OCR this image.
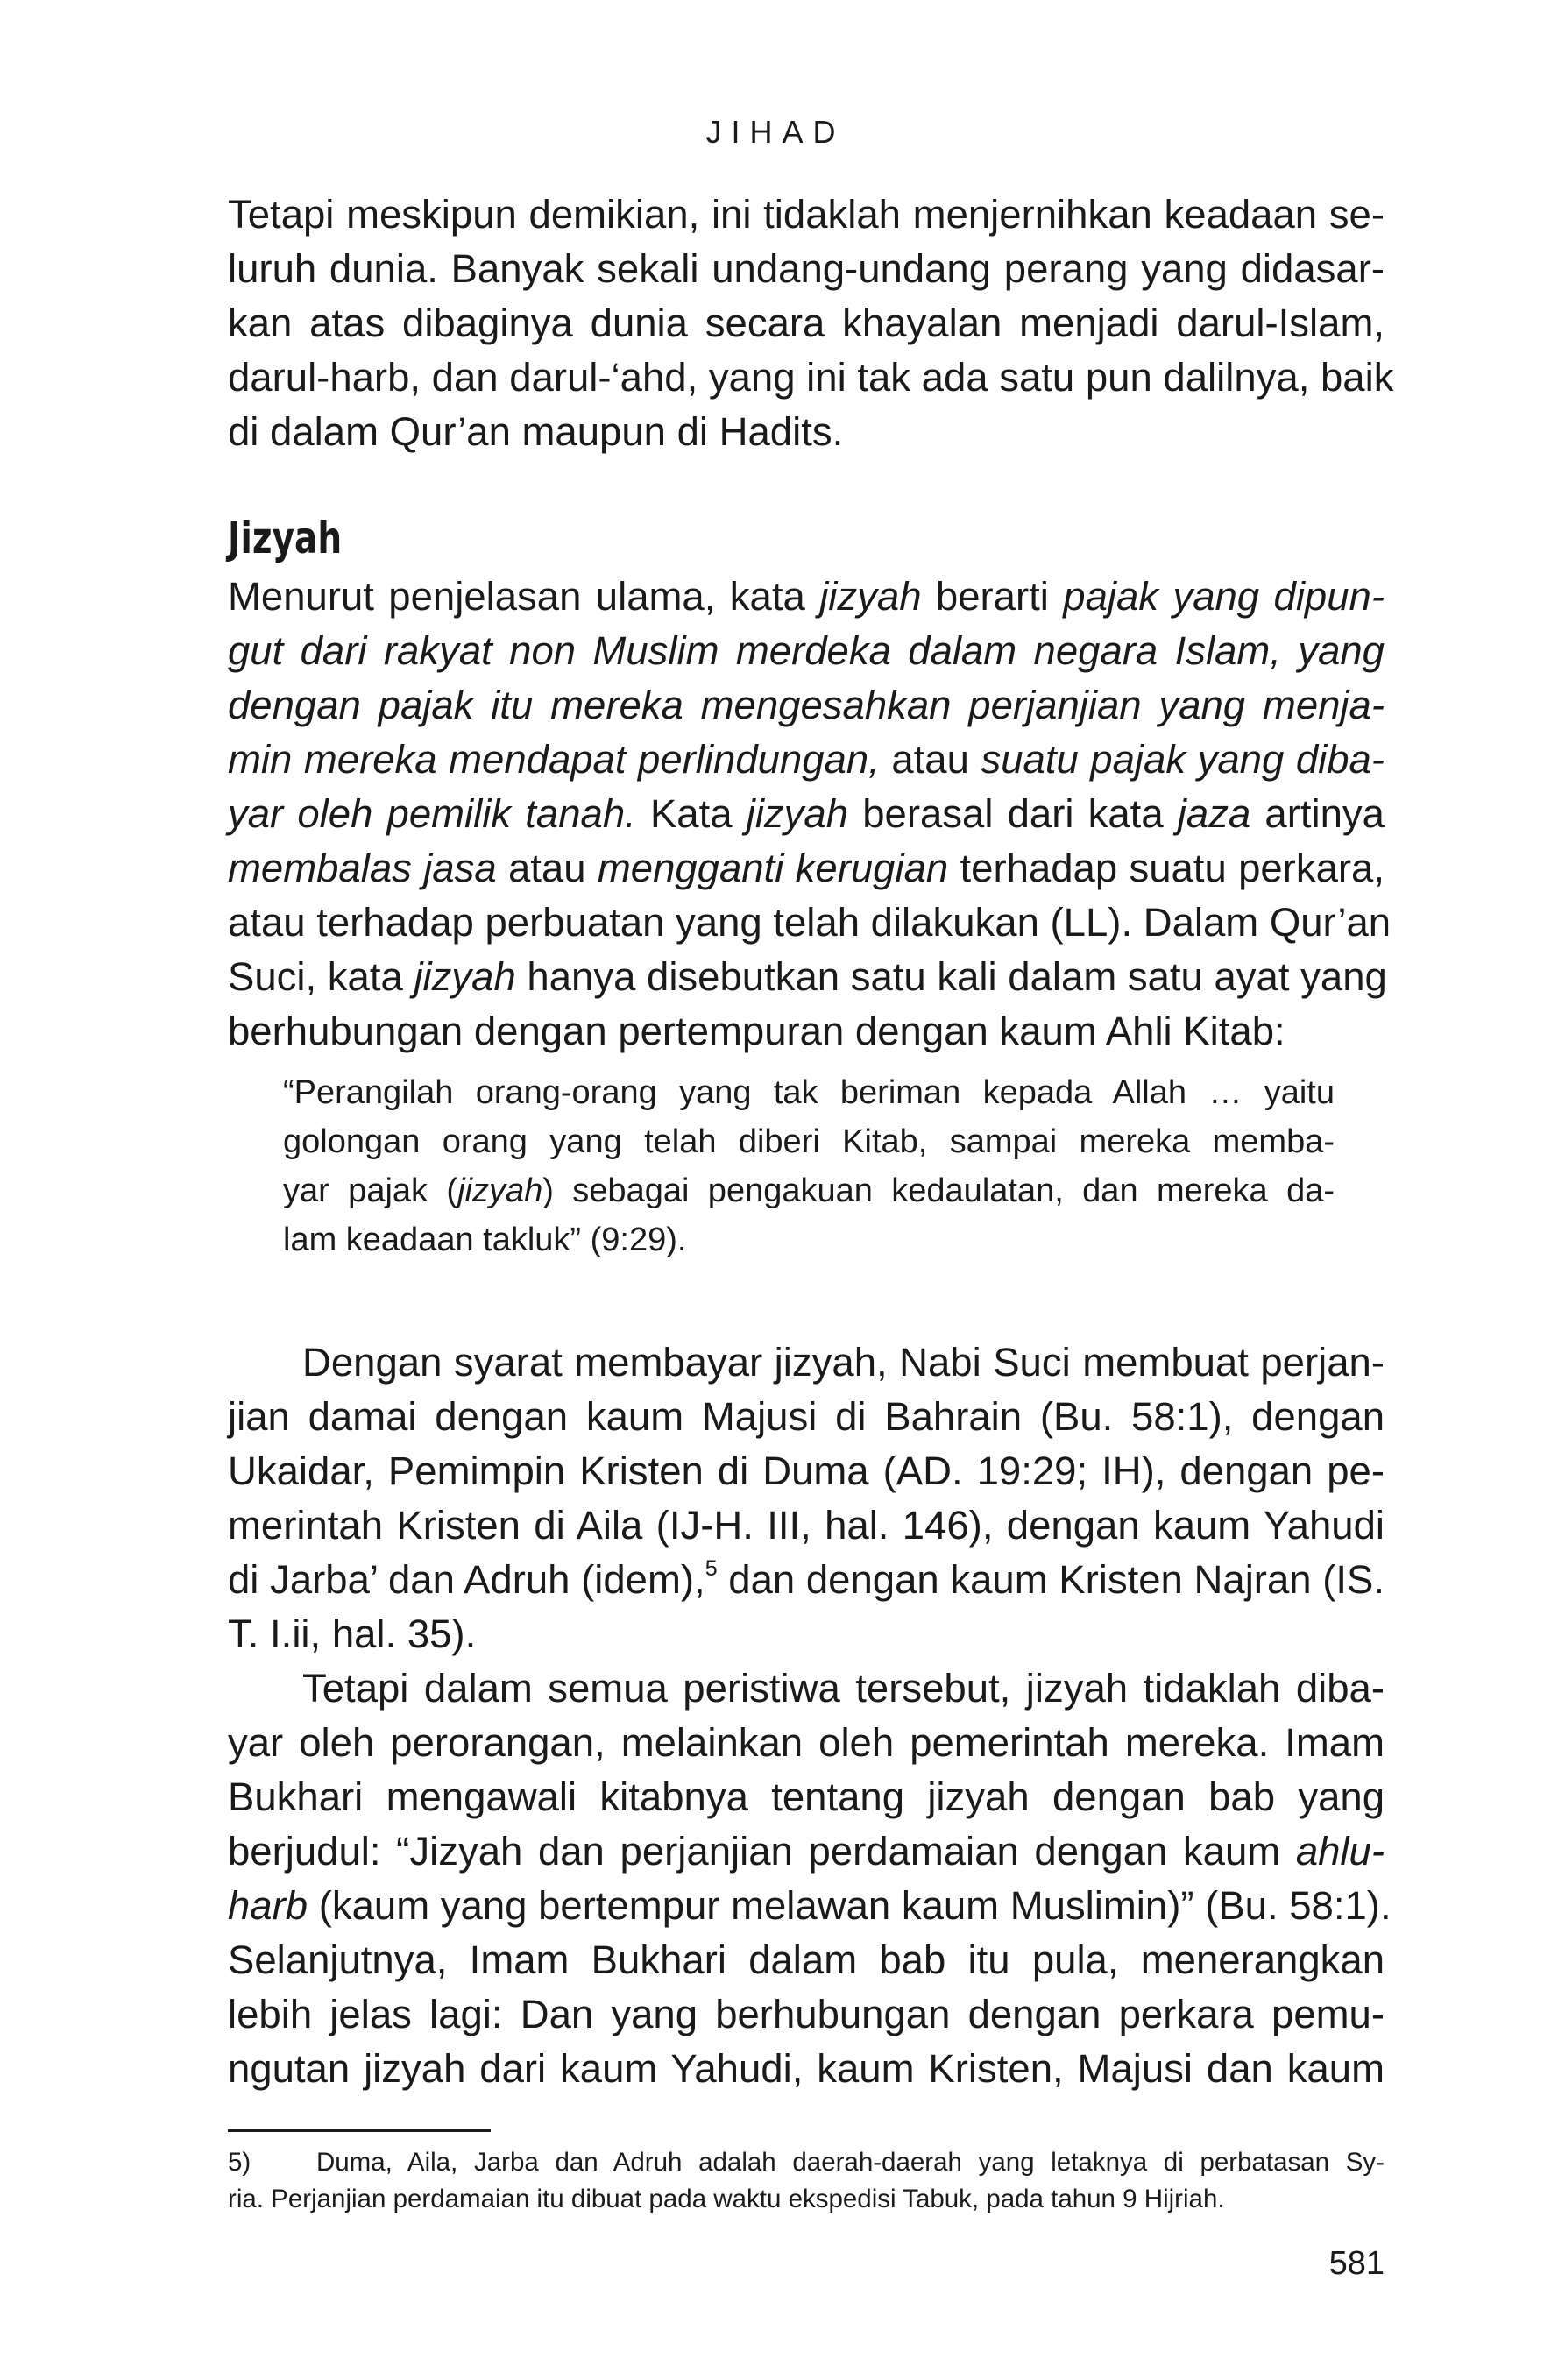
JIHAD
Tetapi meskipun demikian, ini tidaklah menjernihkan keadaan se-
luruh dunia. Banyak sekali undang-undang perang yang didasar-
kan atas dibaginya dunia secara khayalan menjadi darul-Islam,
darul-harb, dan darul-‘ahd, yang ini tak ada satu pun dalilnya, baik
di dalam Qur’an maupun di Hadits.
Jizyah
Menurut penjelasan ulama, kata jizyah berarti pajak yang dipun-
gut dari rakyat non Muslim merdeka dalam negara Islam, yang
dengan pajak itu mereka mengesahkan perjanjian yang menja-
min mereka mendapat perlindungan, atau suatu pajak yang diba-
yar oleh pemilik tanah. Kata jizyah berasal dari kata jaza artinya
membalas jasa atau mengganti kerugian terhadap suatu perkara,
atau terhadap perbuatan yang telah dilakukan (LL). Dalam Qur’an
Suci, kata jizyah hanya disebutkan satu kali dalam satu ayat yang
berhubungan dengan pertempuran dengan kaum Ahli Kitab:
“Perangilah orang-orang yang tak beriman kepada Allah … yaitu
golongan orang yang telah diberi Kitab, sampai mereka memba-
yar pajak (jizyah) sebagai pengakuan kedaulatan, dan mereka da-
lam keadaan takluk” (9:29).
Dengan syarat membayar jizyah, Nabi Suci membuat perjan-
jian damai dengan kaum Majusi di Bahrain (Bu. 58:1), dengan
Ukaidar, Pemimpin Kristen di Duma (AD. 19:29; IH), dengan pe-
merintah Kristen di Aila (IJ-H. III, hal. 146), dengan kaum Yahudi
di Jarba’ dan Adruh (idem),$^5$ dan dengan kaum Kristen Najran (IS.
T. I.ii, hal. 35).
Tetapi dalam semua peristiwa tersebut, jizyah tidaklah diba-
yar oleh perorangan, melainkan oleh pemerintah mereka. Imam
Bukhari mengawali kitabnya tentang jizyah dengan bab yang
berjudul: “Jizyah dan perjanjian perdamaian dengan kaum ahlu-
harb (kaum yang bertempur melawan kaum Muslimin)” (Bu. 58:1).
Selanjutnya, Imam Bukhari dalam bab itu pula, menerangkan
lebih jelas lagi: Dan yang berhubungan dengan perkara pemu-
ngutan jizyah dari kaum Yahudi, kaum Kristen, Majusi dan kaum
5)    Duma, Aila, Jarba dan Adruh adalah daerah-daerah yang letaknya di perbatasan Sy-
ria. Perjanjian perdamaian itu dibuat pada waktu ekspedisi Tabuk, pada tahun 9 Hijriah.
581
